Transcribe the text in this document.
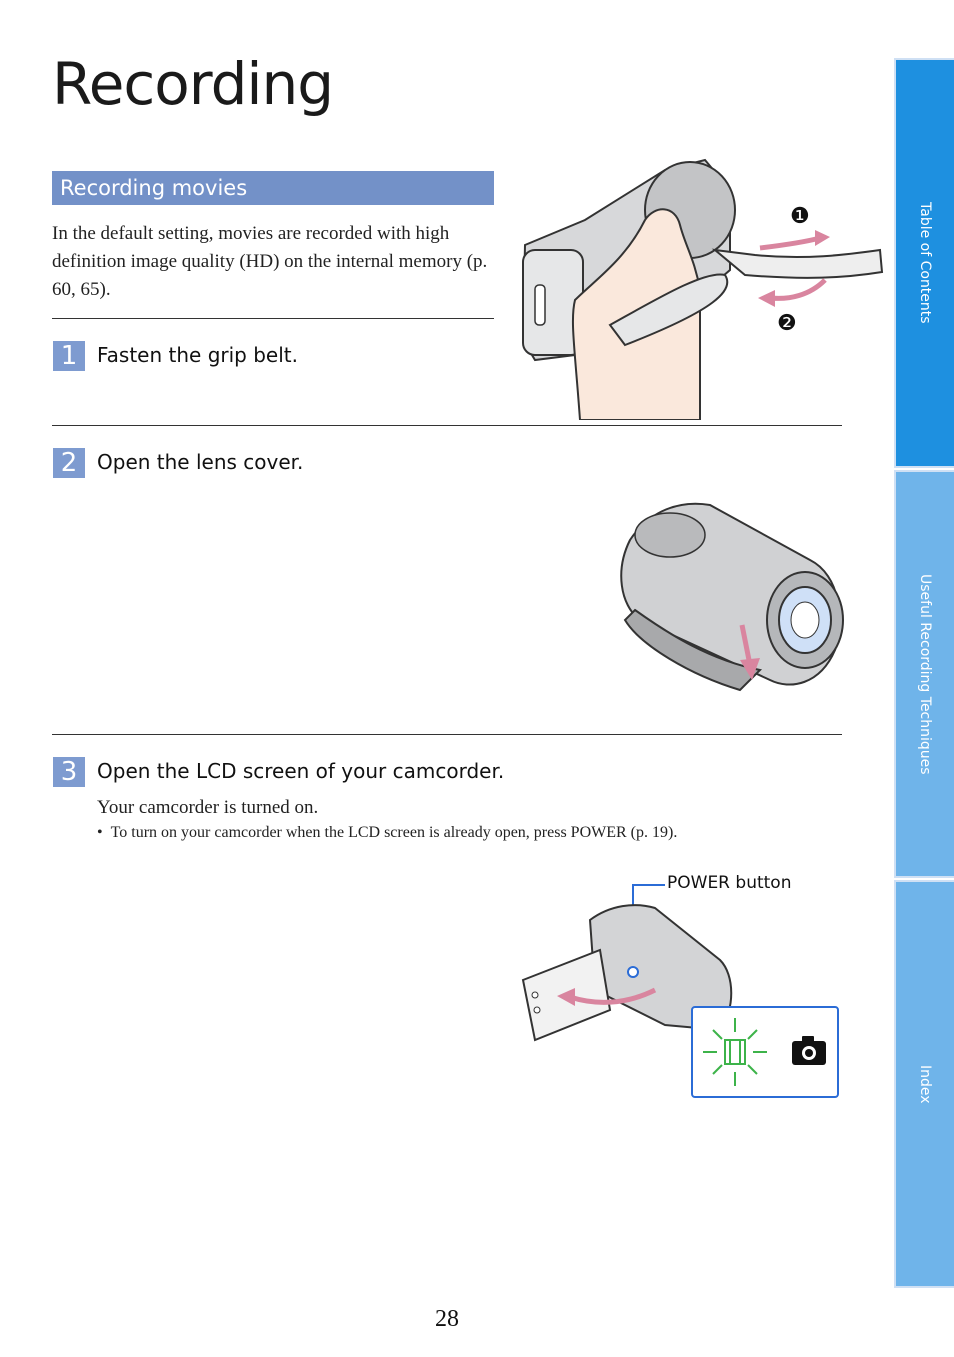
Recording
Recording movies

In the default setting, movies are recorded with high definition image quality (HD) on the internal memory (p. 60, 65).

1 Fasten the grip belt.
2 Open the lens cover.
3 Open the LCD screen of your camcorder.

Your camcorder is turned on.

• To turn on your camcorder when the LCD screen is already open, press POWER (p. 19).

❶
❷
POWER button
Table of Contents
Useful Recording Techniques
Index
28
